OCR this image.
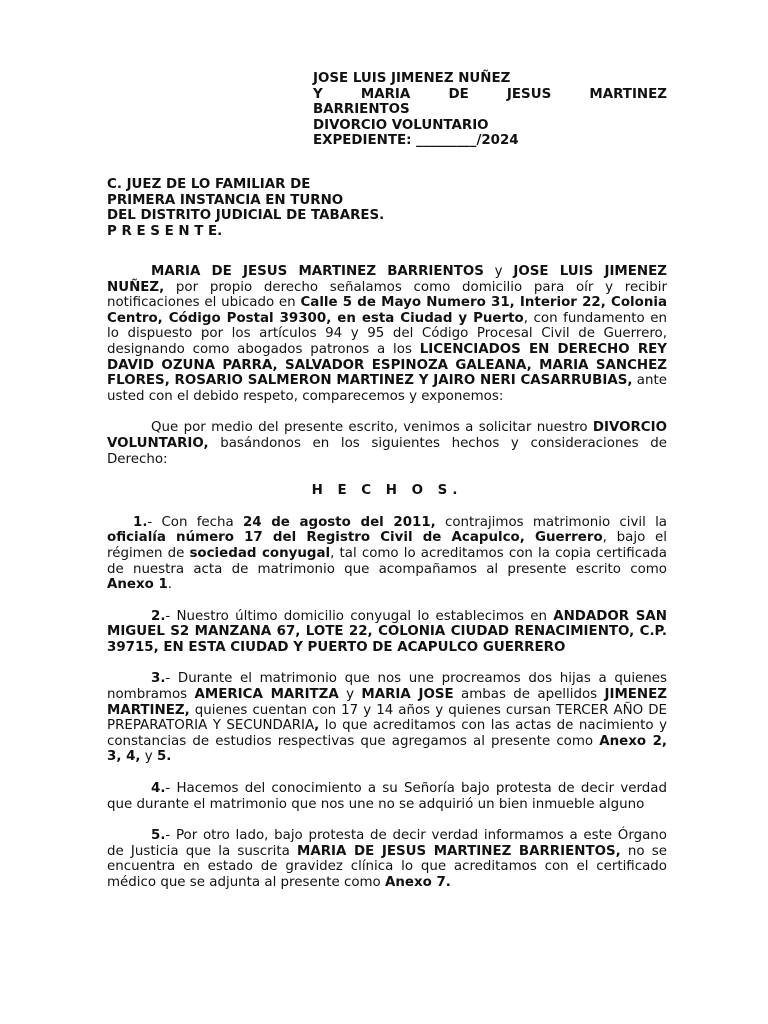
JOSE LUIS JIMENEZ NUÑEZ
Y MARIA DE JESUS MARTINEZ
BARRIENTOS
DIVORCIO VOLUNTARIO
EXPEDIENTE: _________/2024
C. JUEZ DE LO FAMILIAR DE
PRIMERA INSTANCIA EN TURNO
DEL DISTRITO JUDICIAL DE TABARES.
P R E S E N T E.

MARIA DE JESUS MARTINEZ BARRIENTOS y JOSE LUIS JIMENEZ NUÑEZ, por propio derecho señalamos como domicilio para oír y recibir notificaciones el ubicado en Calle 5 de Mayo Numero 31, Interior 22, Colonia Centro, Código Postal 39300, en esta Ciudad y Puerto, con fundamento en lo dispuesto por los artículos 94 y 95 del Código Procesal Civil de Guerrero, designando como abogados patronos a los LICENCIADOS EN DERECHO REY DAVID OZUNA PARRA, SALVADOR ESPINOZA GALEANA, MARIA SANCHEZ FLORES, ROSARIO SALMERON MARTINEZ Y JAIRO NERI CASARRUBIAS, ante usted con el debido respeto, comparecemos y exponemos:

Que por medio del presente escrito, venimos a solicitar nuestro DIVORCIO VOLUNTARIO, basándonos en los siguientes hechos y consideraciones de Derecho:

H E C H O S.

1.- Con fecha 24 de agosto del 2011, contrajimos matrimonio civil la oficialía número 17 del Registro Civil de Acapulco, Guerrero, bajo el régimen de sociedad conyugal, tal como lo acreditamos con la copia certificada de nuestra acta de matrimonio que acompañamos al presente escrito como Anexo 1.

2.- Nuestro último domicilio conyugal lo establecimos en ANDADOR SAN MIGUEL S2 MANZANA 67, LOTE 22, COLONIA CIUDAD RENACIMIENTO, C.P. 39715, EN ESTA CIUDAD Y PUERTO DE ACAPULCO GUERRERO

3.- Durante el matrimonio que nos une procreamos dos hijas a quienes nombramos AMERICA MARITZA y MARIA JOSE ambas de apellidos JIMENEZ MARTINEZ, quienes cuentan con 17 y 14 años y quienes cursan TERCER AÑO DE PREPARATORIA Y SECUNDARIA, lo que acreditamos con las actas de nacimiento y constancias de estudios respectivas que agregamos al presente como Anexo 2, 3, 4, y 5.

4.- Hacemos del conocimiento a su Señoría bajo protesta de decir verdad que durante el matrimonio que nos une no se adquirió un bien inmueble alguno

5.- Por otro lado, bajo protesta de decir verdad informamos a este Órgano de Justicia que la suscrita MARIA DE JESUS MARTINEZ BARRIENTOS, no se encuentra en estado de gravidez clínica lo que acreditamos con el certificado médico que se adjunta al presente como Anexo 7.
